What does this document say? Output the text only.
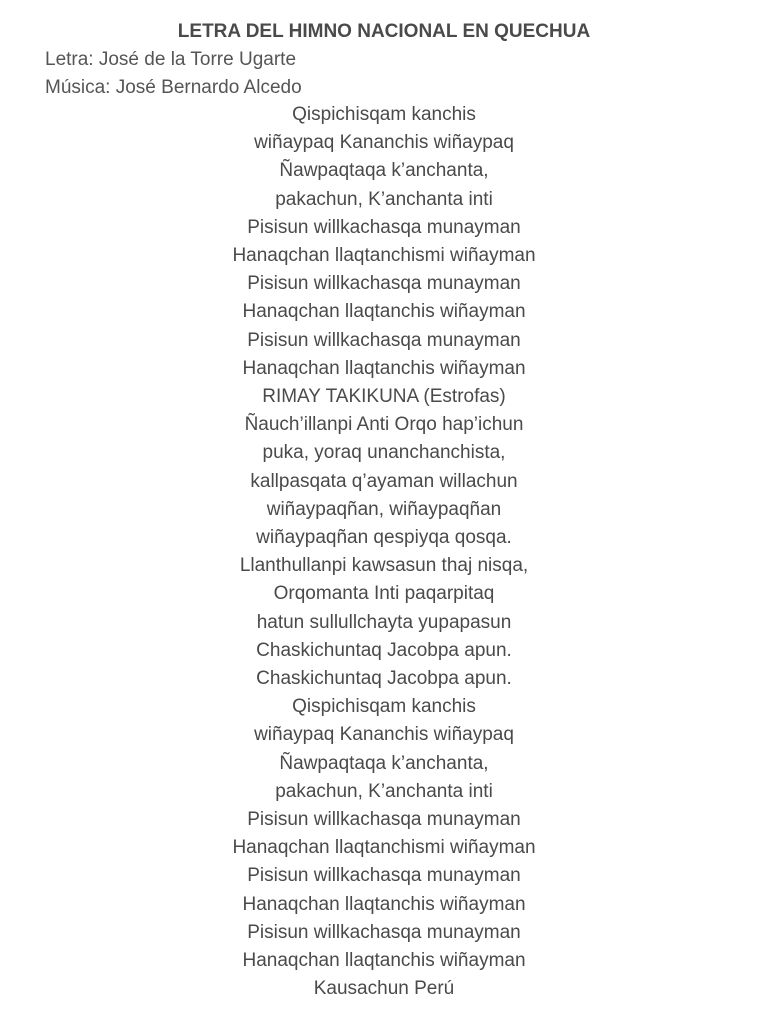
LETRA DEL HIMNO NACIONAL EN QUECHUA
Letra: José de la Torre Ugarte
Música: José Bernardo Alcedo
Qispichisqam kanchis
wiñaypaq Kananchis wiñaypaq
Ñawpaqtaqa k’anchanta,
pakachun, K’anchanta inti
Pisisun willkachasqa munayman
Hanaqchan llaqtanchismi wiñayman
Pisisun willkachasqa munayman
Hanaqchan llaqtanchis wiñayman
Pisisun willkachasqa munayman
Hanaqchan llaqtanchis wiñayman
RIMAY TAKIKUNA (Estrofas)
Ñauch’illanpi Anti Orqo hap’ichun
puka, yoraq unanchanchista,
kallpasqata q’ayaman willachun
wiñaypaqñan, wiñaypaqñan
wiñaypaqñan qespiyqa qosqa.
Llanthullanpi kawsasun thaj nisqa,
Orqomanta Inti paqarpitaq
hatun sullullchayta yupapasun
Chaskichuntaq Jacobpa apun.
Chaskichuntaq Jacobpa apun.
Qispichisqam kanchis
wiñaypaq Kananchis wiñaypaq
Ñawpaqtaqa k’anchanta,
pakachun, K’anchanta inti
Pisisun willkachasqa munayman
Hanaqchan llaqtanchismi wiñayman
Pisisun willkachasqa munayman
Hanaqchan llaqtanchis wiñayman
Pisisun willkachasqa munayman
Hanaqchan llaqtanchis wiñayman
Kausachun Perú
